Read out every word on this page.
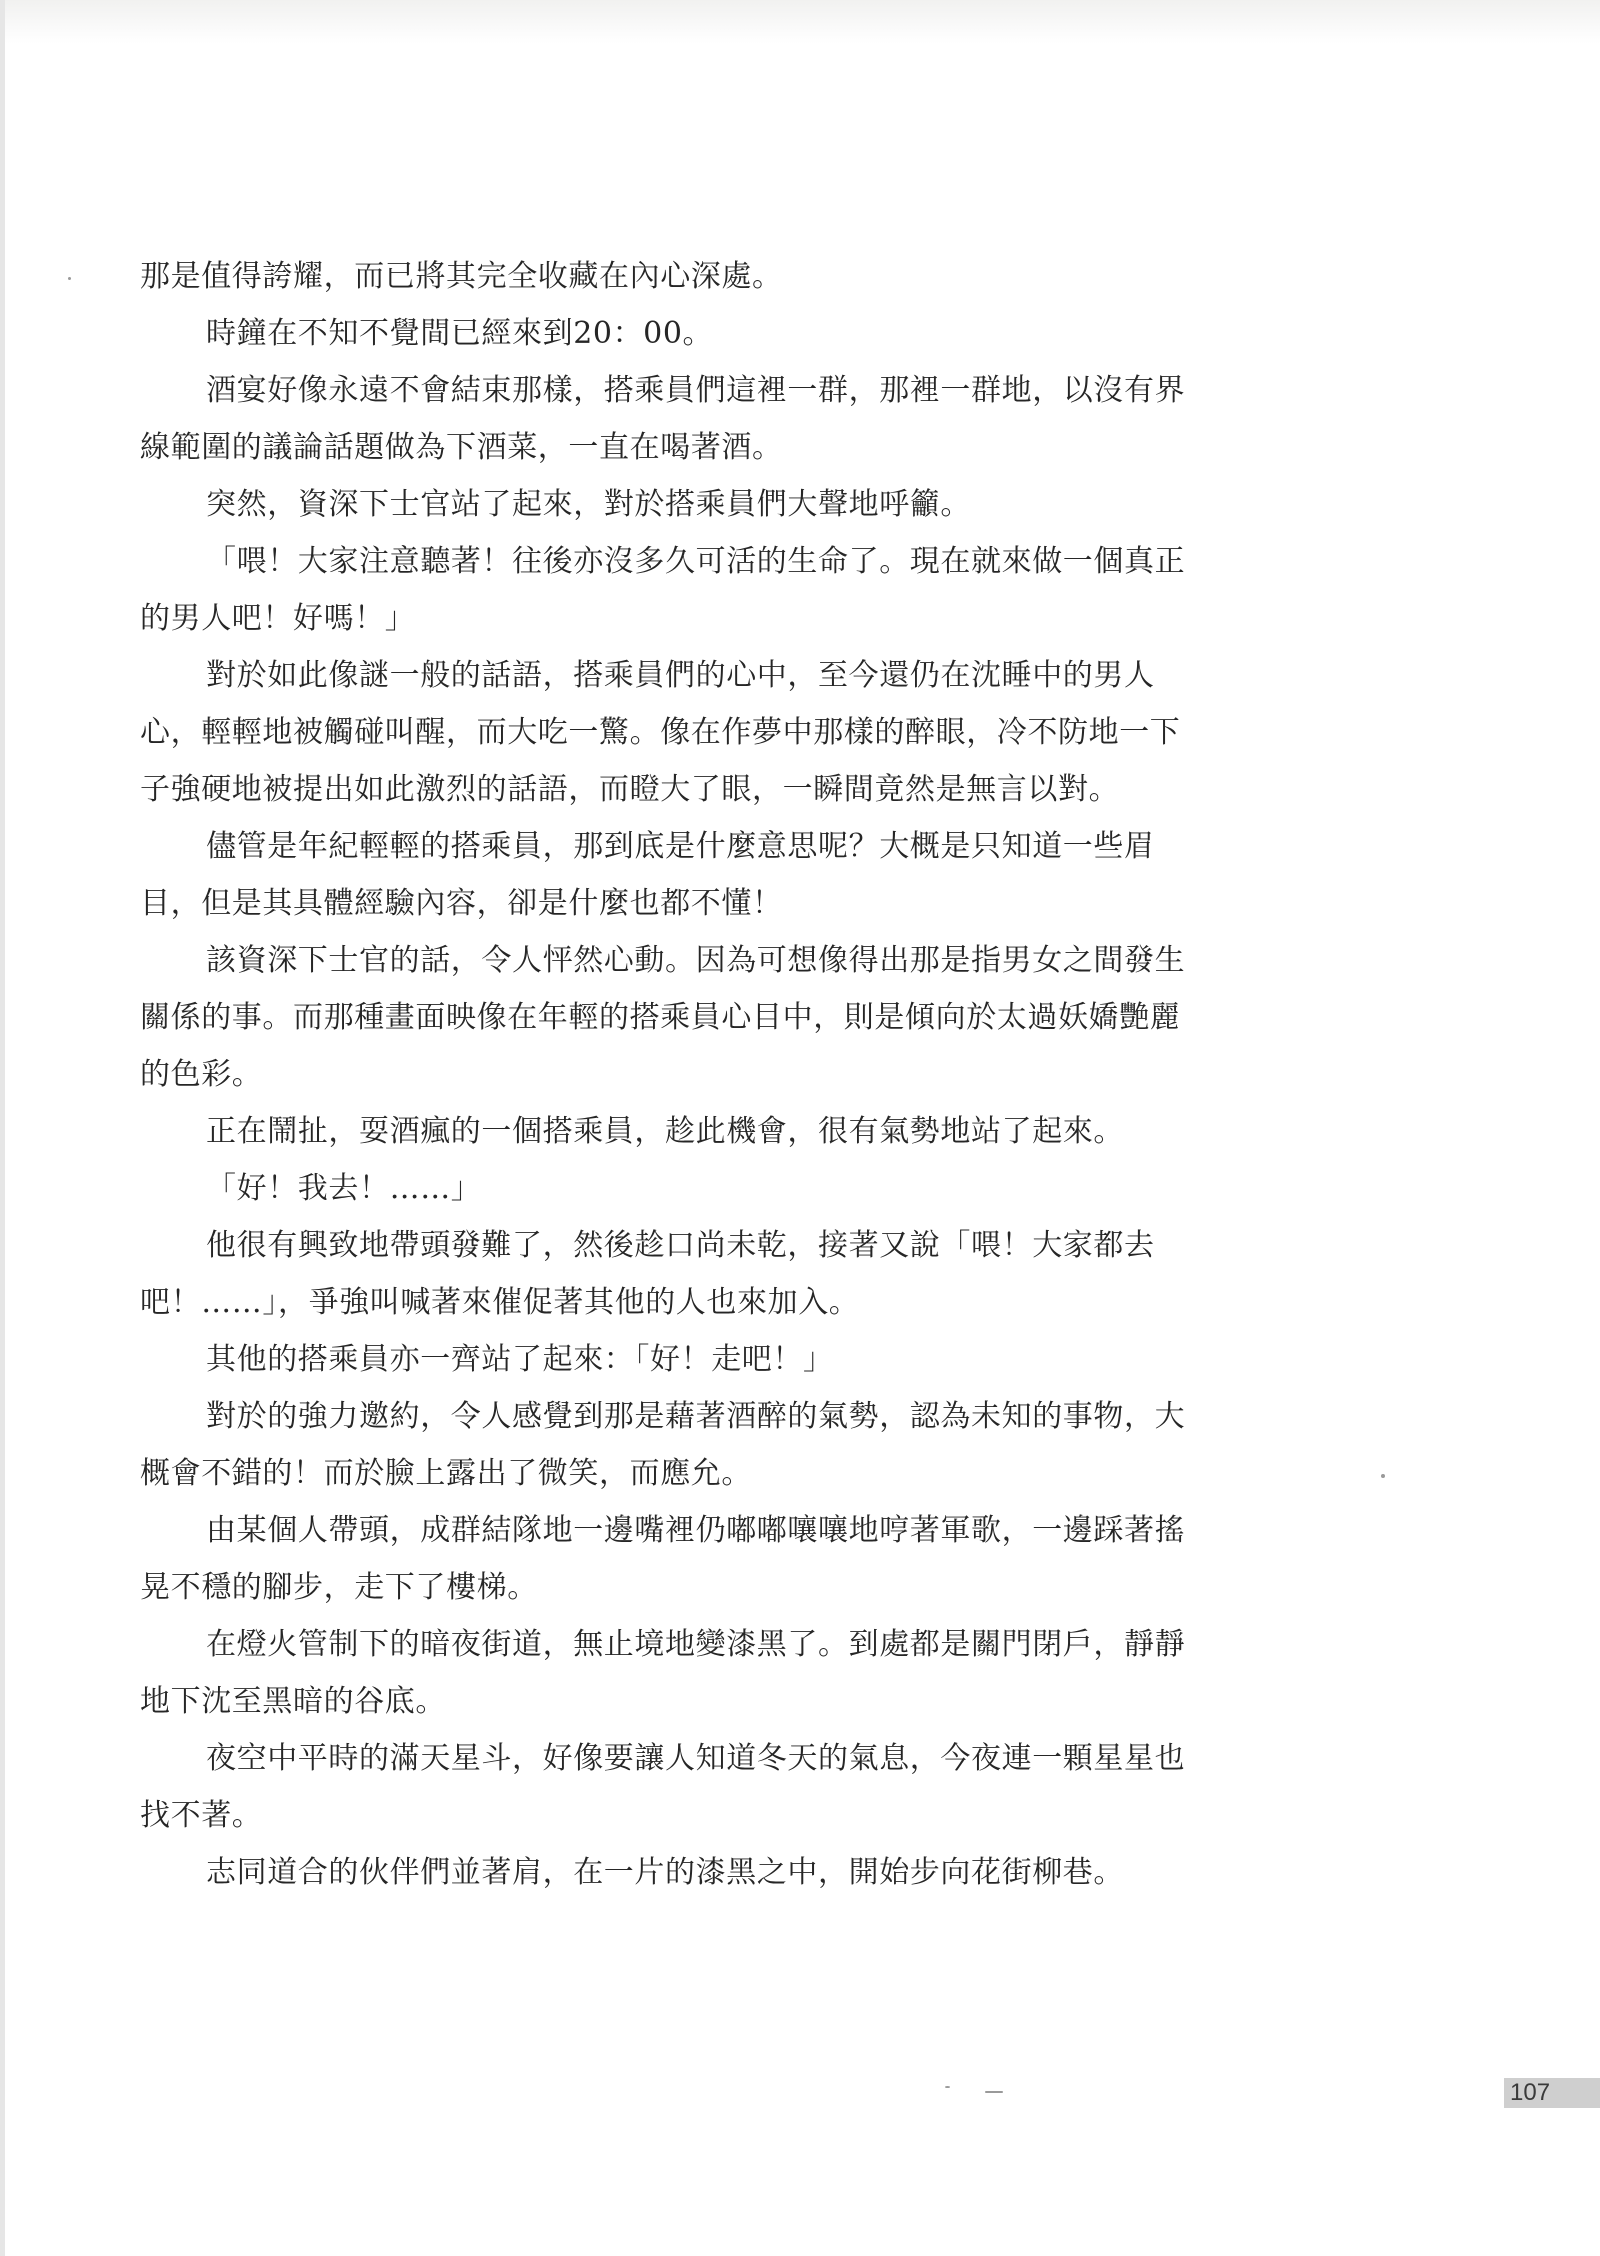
那是值得誇耀，而已將其完全收藏在內心深處。
時鐘在不知不覺間已經來到20：00。
酒宴好像永遠不會結束那樣，搭乘員們這裡一群，那裡一群地，以沒有界
線範圍的議論話題做為下酒菜，一直在喝著酒。
突然，資深下士官站了起來，對於搭乘員們大聲地呼籲。
「喂！大家注意聽著！往後亦沒多久可活的生命了。現在就來做一個真正
的男人吧！好嗎！」
對於如此像謎一般的話語，搭乘員們的心中，至今還仍在沈睡中的男人
心，輕輕地被觸碰叫醒，而大吃一驚。像在作夢中那樣的醉眼，冷不防地一下
子強硬地被提出如此激烈的話語，而瞪大了眼，一瞬間竟然是無言以對。
儘管是年紀輕輕的搭乘員，那到底是什麼意思呢？大概是只知道一些眉
目，但是其具體經驗內容，卻是什麼也都不懂！
該資深下士官的話，令人怦然心動。因為可想像得出那是指男女之間發生
關係的事。而那種畫面映像在年輕的搭乘員心目中，則是傾向於太過妖嬌艷麗
的色彩。
正在鬧扯，耍酒瘋的一個搭乘員，趁此機會，很有氣勢地站了起來。
「好！我去！……」
他很有興致地帶頭發難了，然後趁口尚未乾，接著又說「喂！大家都去
吧！……」，爭強叫喊著來催促著其他的人也來加入。
其他的搭乘員亦一齊站了起來：「好！走吧！」
對於的強力邀約，令人感覺到那是藉著酒醉的氣勢，認為未知的事物，大
概會不錯的！而於臉上露出了微笑，而應允。
由某個人帶頭，成群結隊地一邊嘴裡仍嘟嘟嚷嚷地哼著軍歌，一邊踩著搖
晃不穩的腳步，走下了樓梯。
在燈火管制下的暗夜街道，無止境地變漆黑了。到處都是關門閉戶，靜靜
地下沈至黑暗的谷底。
夜空中平時的滿天星斗，好像要讓人知道冬天的氣息，今夜連一顆星星也
找不著。
志同道合的伙伴們並著肩，在一片的漆黑之中，開始步向花街柳巷。
107
